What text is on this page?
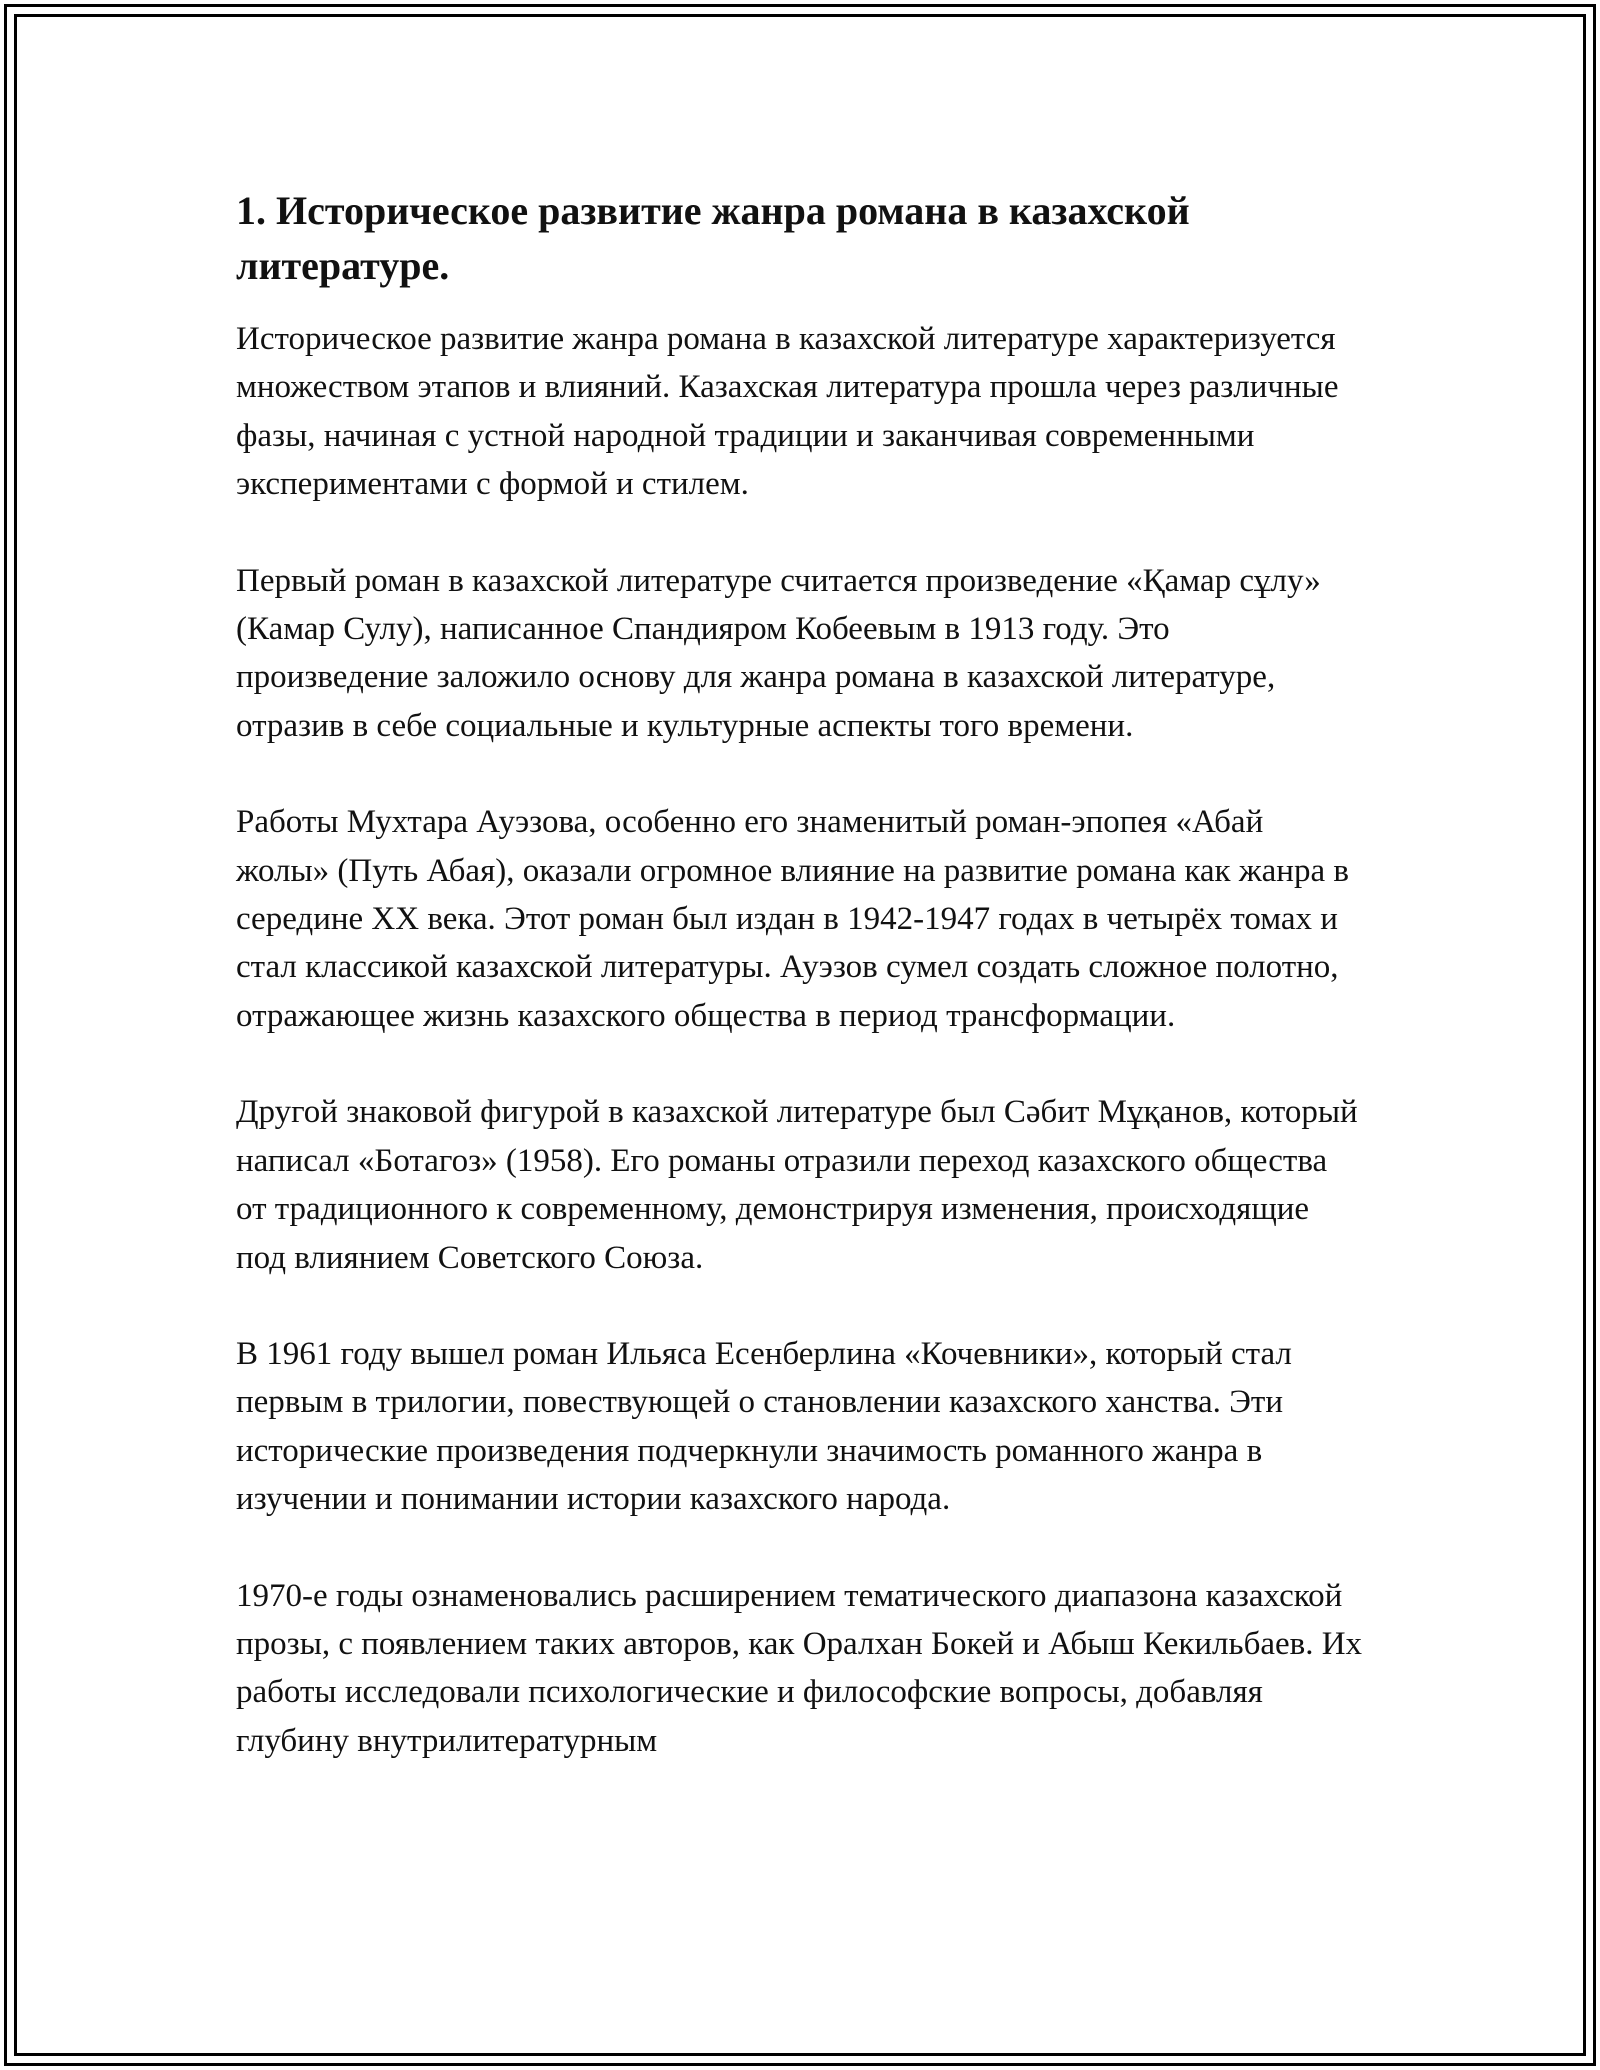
1. Историческое развитие жанра романа в казахской литературе.

Историческое развитие жанра романа в казахской литературе характеризуется множеством этапов и влияний. Казахская литература прошла через различные фазы, начиная с устной народной традиции и заканчивая современными экспериментами с формой и стилем.

Первый роман в казахской литературе считается произведение «Қамар сұлу» (Камар Сулу), написанное Спандияром Кобеевым в 1913 году. Это произведение заложило основу для жанра романа в казахской литературе, отразив в себе социальные и культурные аспекты того времени.

Работы Мухтара Ауэзова, особенно его знаменитый роман-эпопея «Абай жолы» (Путь Абая), оказали огромное влияние на развитие романа как жанра в середине XX века. Этот роман был издан в 1942-1947 годах в четырёх томах и стал классикой казахской литературы. Ауэзов сумел создать сложное полотно, отражающее жизнь казахского общества в период трансформации.

Другой знаковой фигурой в казахской литературе был Сәбит Мұқанов, который написал «Ботагоз» (1958). Его романы отразили переход казахского общества от традиционного к современному, демонстрируя изменения, происходящие под влиянием Советского Союза.

В 1961 году вышел роман Ильяса Есенберлина «Кочевники», который стал первым в трилогии, повествующей о становлении казахского ханства. Эти исторические произведения подчеркнули значимость романного жанра в изучении и понимании истории казахского народа.

1970-е годы ознаменовались расширением тематического диапазона казахской прозы, с появлением таких авторов, как Оралхан Бокей и Абыш Кекильбаев. Их работы исследовали психологические и философские вопросы, добавляя глубину внутрилитературным
